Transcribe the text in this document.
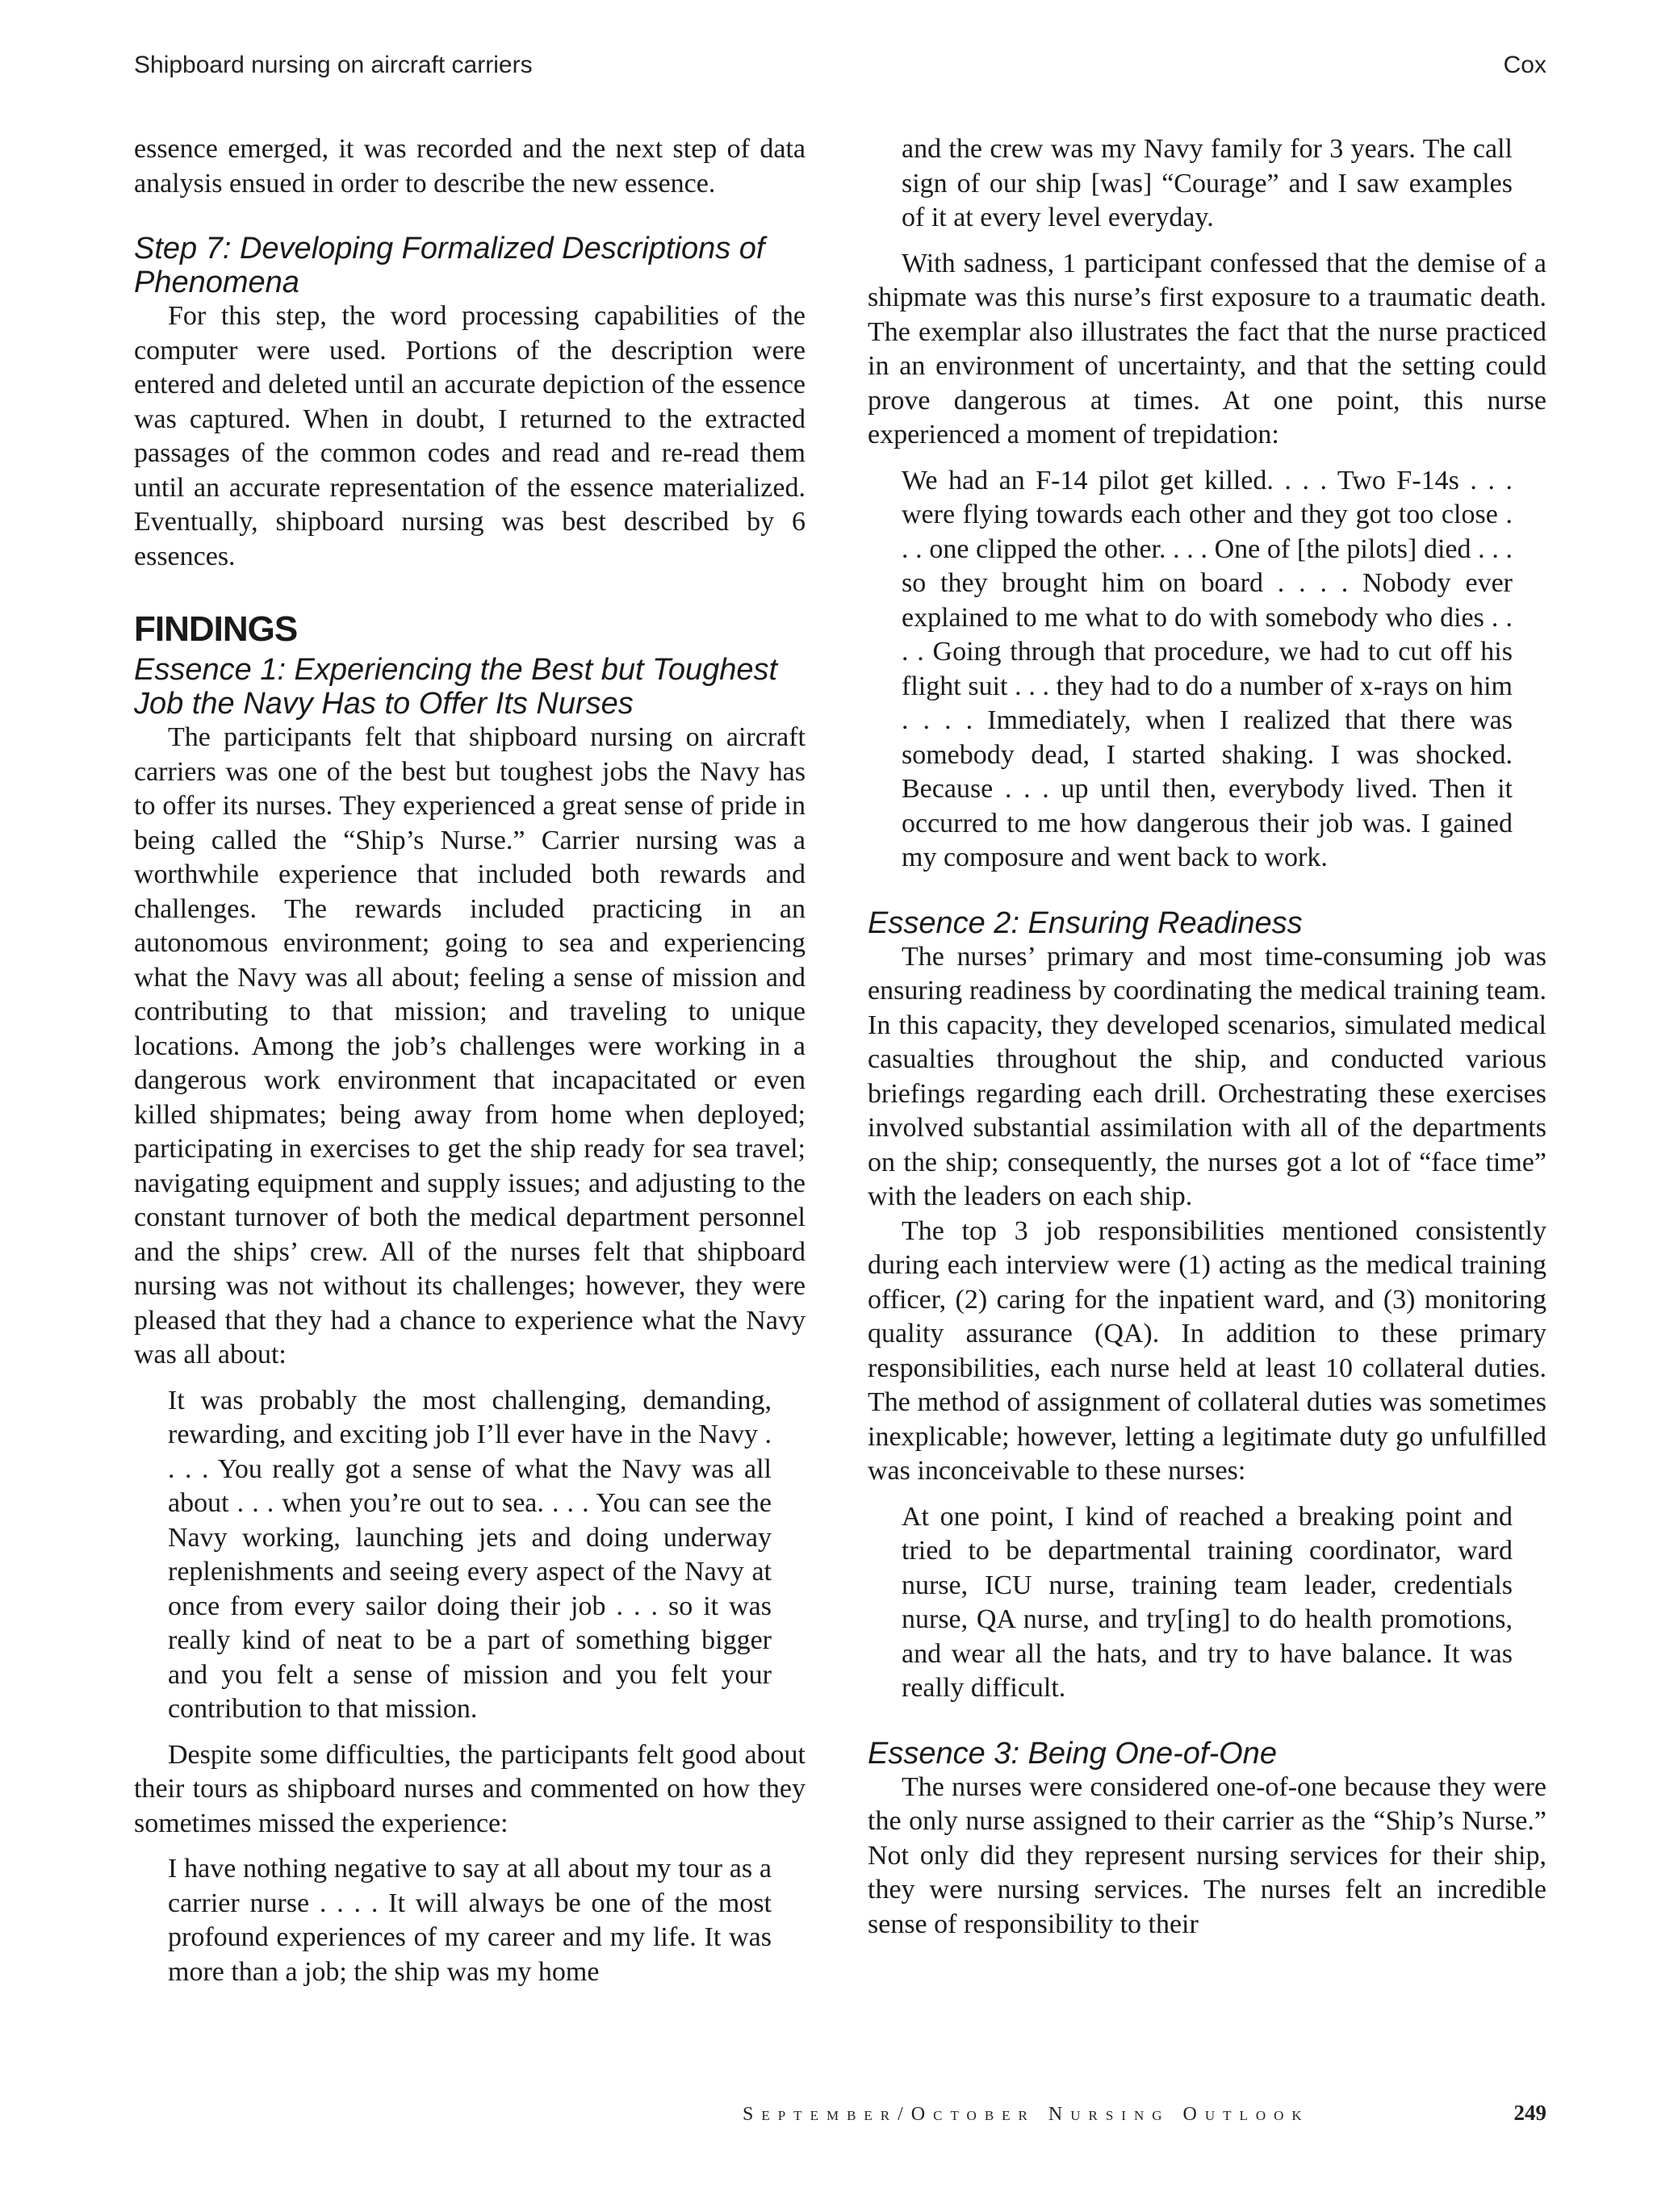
Shipboard nursing on aircraft carriers	Cox

essence emerged, it was recorded and the next step of data analysis ensued in order to describe the new essence.

Step 7: Developing Formalized Descriptions of Phenomena

For this step, the word processing capabilities of the computer were used. Portions of the description were entered and deleted until an accurate depiction of the essence was captured. When in doubt, I returned to the extracted passages of the common codes and read and re-read them until an accurate representation of the essence materialized. Eventually, shipboard nursing was best described by 6 essences.

FINDINGS
Essence 1: Experiencing the Best but Toughest Job the Navy Has to Offer Its Nurses

The participants felt that shipboard nursing on aircraft carriers was one of the best but toughest jobs the Navy has to offer its nurses. They experienced a great sense of pride in being called the “Ship’s Nurse.” Carrier nursing was a worthwhile experience that included both rewards and challenges. The rewards included practicing in an autonomous environment; going to sea and experiencing what the Navy was all about; feeling a sense of mission and contributing to that mission; and traveling to unique locations. Among the job’s challenges were working in a dangerous work environment that incapacitated or even killed shipmates; being away from home when deployed; participating in exercises to get the ship ready for sea travel; navigating equipment and supply issues; and adjusting to the constant turnover of both the medical department personnel and the ships’ crew. All of the nurses felt that shipboard nursing was not without its challenges; however, they were pleased that they had a chance to experience what the Navy was all about:

It was probably the most challenging, demanding, rewarding, and exciting job I’ll ever have in the Navy . . . . You really got a sense of what the Navy was all about . . . when you’re out to sea. . . . You can see the Navy working, launching jets and doing underway replenishments and seeing every aspect of the Navy at once from every sailor doing their job . . . so it was really kind of neat to be a part of something bigger and you felt a sense of mission and you felt your contribution to that mission.

Despite some difficulties, the participants felt good about their tours as shipboard nurses and commented on how they sometimes missed the experience:

I have nothing negative to say at all about my tour as a carrier nurse . . . . It will always be one of the most profound experiences of my career and my life. It was more than a job; the ship was my home

and the crew was my Navy family for 3 years. The call sign of our ship [was] “Courage” and I saw examples of it at every level everyday.

With sadness, 1 participant confessed that the demise of a shipmate was this nurse’s first exposure to a traumatic death. The exemplar also illustrates the fact that the nurse practiced in an environment of uncertainty, and that the setting could prove dangerous at times. At one point, this nurse experienced a moment of trepidation:

We had an F-14 pilot get killed. . . . Two F-14s . . . were flying towards each other and they got too close . . . one clipped the other. . . . One of [the pilots] died . . . so they brought him on board . . . . Nobody ever explained to me what to do with somebody who dies . . . . Going through that procedure, we had to cut off his flight suit . . . they had to do a number of x-rays on him . . . . Immediately, when I realized that there was somebody dead, I started shaking. I was shocked. Because . . . up until then, everybody lived. Then it occurred to me how dangerous their job was. I gained my composure and went back to work.

Essence 2: Ensuring Readiness

The nurses’ primary and most time-consuming job was ensuring readiness by coordinating the medical training team. In this capacity, they developed scenarios, simulated medical casualties throughout the ship, and conducted various briefings regarding each drill. Orchestrating these exercises involved substantial assimilation with all of the departments on the ship; consequently, the nurses got a lot of “face time” with the leaders on each ship.

The top 3 job responsibilities mentioned consistently during each interview were (1) acting as the medical training officer, (2) caring for the inpatient ward, and (3) monitoring quality assurance (QA). In addition to these primary responsibilities, each nurse held at least 10 collateral duties. The method of assignment of collateral duties was sometimes inexplicable; however, letting a legitimate duty go unfulfilled was inconceivable to these nurses:

At one point, I kind of reached a breaking point and tried to be departmental training coordinator, ward nurse, ICU nurse, training team leader, credentials nurse, QA nurse, and try[ing] to do health promotions, and wear all the hats, and try to have balance. It was really difficult.

Essence 3: Being One-of-One

The nurses were considered one-of-one because they were the only nurse assigned to their carrier as the “Ship’s Nurse.” Not only did they represent nursing services for their ship, they were nursing services. The nurses felt an incredible sense of responsibility to their

September/October Nursing Outlook	249
